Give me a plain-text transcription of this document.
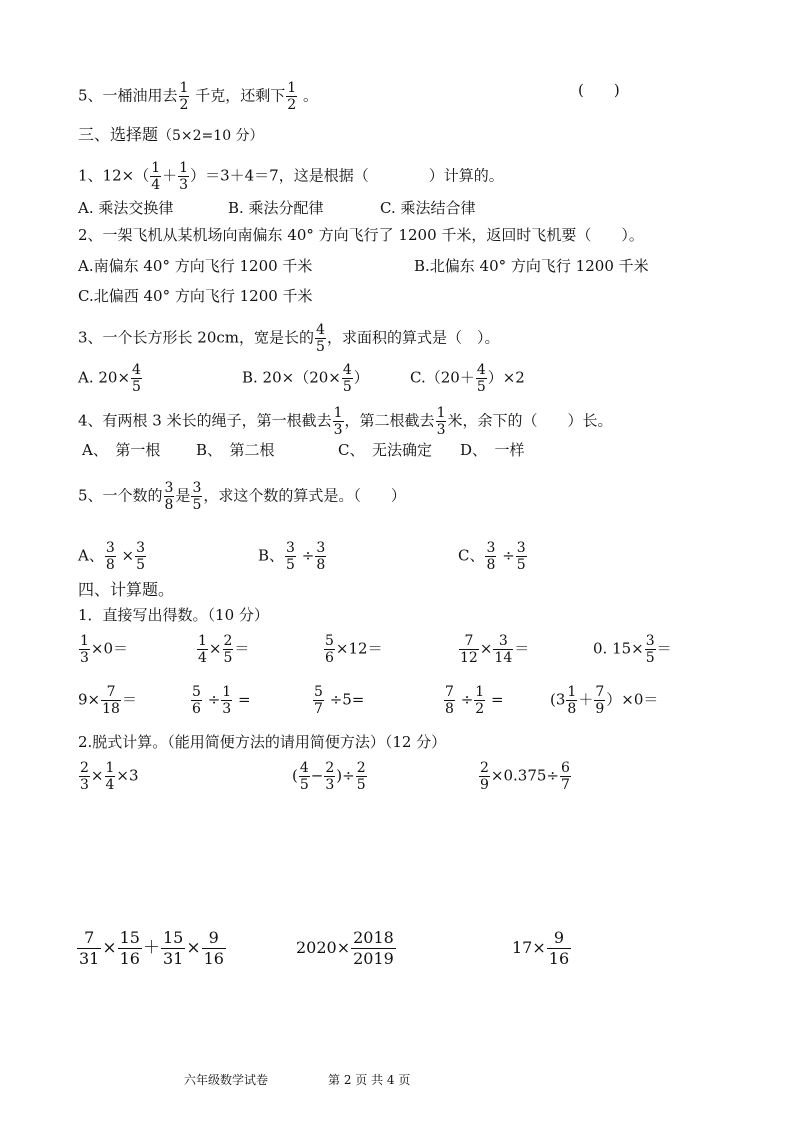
5、一桶油用去 $\frac{1}{2}$ 千克，还剩下 $\frac{1}{2}$ 。	(　　)
三、选择题（5×2=10 分）
1、$12\times( \frac{1}{4} + \frac{1}{3} )=3+4=7$，这是根据（　　　　）计算的。
A. 乘法交换律	B. 乘法分配律	C. 乘法结合律
2、一架飞机从某机场向南偏东 40° 方向飞行了 1200 千米，返回时飞机要（　　）。
A.南偏东 40° 方向飞行 1200 千米	B.北偏东 40° 方向飞行 1200 千米
C.北偏西 40° 方向飞行 1200 千米
3、一个长方形长 20cm，宽是长的 $\frac{4}{5}$ ，求面积的算式是（　）。
A. $20\times \frac{4}{5}$	B. $20\times(20\times \frac{4}{5}$ ）	$C.(20+ \frac{4}{5} )\times 2$
4、有两根 3 米长的绳子，第一根截去 $\frac{1}{3}$ ，第二根截去 $\frac{1}{3}$ 米，余下的（　　）长。
A、　第一根 B、　第二根	C、　无法确定 D、　一样
5、一个数的 $\frac{3}{8}$ 是 $\frac{3}{5}$ ，求这个数的算式是。（　　）
A、 $\frac{3}{8} \times \frac{3}{5}$	B、 $\frac{3}{5} \div \frac{3}{8}$	C、 $\frac{3}{8} \div \frac{3}{5}$
四、计算题。
1．直接写出得数。（10 分）
$\frac{1}{3} \times 0=$	$\frac{1}{4} \times \frac{2}{5}$ ＝	$\frac{5}{6} \times 12=$	$\frac{7}{12} \times \frac{3}{14}$ ＝	0. $15\times \frac{3}{5}$ ＝
$9\times \frac{7}{18}$ ＝	$\frac{5}{6} \div \frac{1}{3}$ =	$\frac{5}{7} \div 5=$	$\frac{7}{8} \div \frac{1}{2}$ =	$(3 \frac{1}{8} + \frac{7}{9} )\times 0=$
2.脱式计算。（能用简便方法的请用简便方法）（12 分）
$\frac{2}{3} \times \frac{1}{4} \times 3$	( $\frac{4}{5} - \frac{2}{3}$ )÷ $\frac{2}{5}$	$\frac{2}{9} \times 0.375\div \frac{6}{7}$
$\frac{7}{31} \times \frac{15}{16} + \frac{15}{31} \times \frac{9}{16}$	$2020\times \frac{2018}{2019}$	$17\times \frac{9}{16}$
六年级数学试卷	第 2 页 共 4 页
